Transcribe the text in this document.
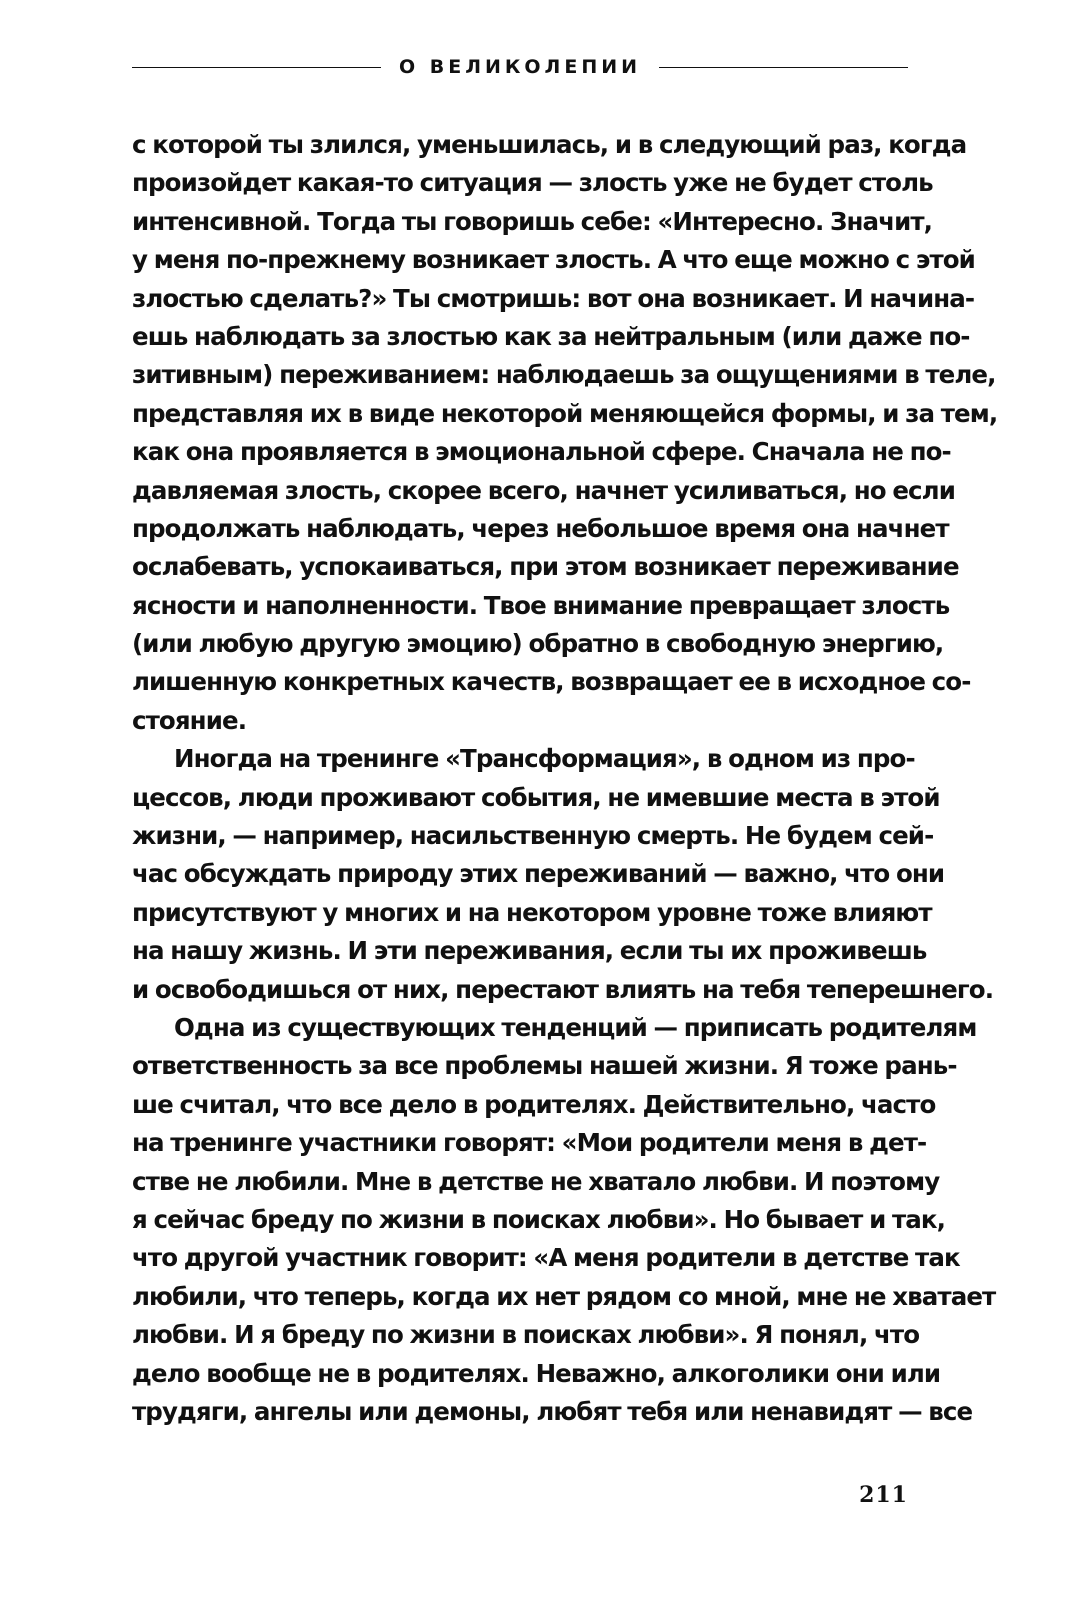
О ВЕЛИКОЛЕПИИ
с которой ты злился, уменьшилась, и в следующий раз, когда
произойдет какая-то ситуация — злость уже не будет столь
интенсивной. Тогда ты говоришь себе: «Интересно. Значит,
у меня по-прежнему возникает злость. А что еще можно с этой
злостью сделать?» Ты смотришь: вот она возникает. И начина-
ешь наблюдать за злостью как за нейтральным (или даже по-
зитивным) переживанием: наблюдаешь за ощущениями в теле,
представляя их в виде некоторой меняющейся формы, и за тем,
как она проявляется в эмоциональной сфере. Сначала не по-
давляемая злость, скорее всего, начнет усиливаться, но если
продолжать наблюдать, через небольшое время она начнет
ослабевать, успокаиваться, при этом возникает переживание
ясности и наполненности. Твое внимание превращает злость
(или любую другую эмоцию) обратно в свободную энергию,
лишенную конкретных качеств, возвращает ее в исходное со-
стояние.
Иногда на тренинге «Трансформация», в одном из про-
цессов, люди проживают события, не имевшие места в этой
жизни, — например, насильственную смерть. Не будем сей-
час обсуждать природу этих переживаний — важно, что они
присутствуют у многих и на некотором уровне тоже влияют
на нашу жизнь. И эти переживания, если ты их проживешь
и освободишься от них, перестают влиять на тебя теперешнего.
Одна из существующих тенденций — приписать родителям
ответственность за все проблемы нашей жизни. Я тоже рань-
ше считал, что все дело в родителях. Действительно, часто
на тренинге участники говорят: «Мои родители меня в дет-
стве не любили. Мне в детстве не хватало любви. И поэтому
я сейчас бреду по жизни в поисках любви». Но бывает и так,
что другой участник говорит: «А меня родители в детстве так
любили, что теперь, когда их нет рядом со мной, мне не хватает
любви. И я бреду по жизни в поисках любви». Я понял, что
дело вообще не в родителях. Неважно, алкоголики они или
трудяги, ангелы или демоны, любят тебя или ненавидят — все
211
